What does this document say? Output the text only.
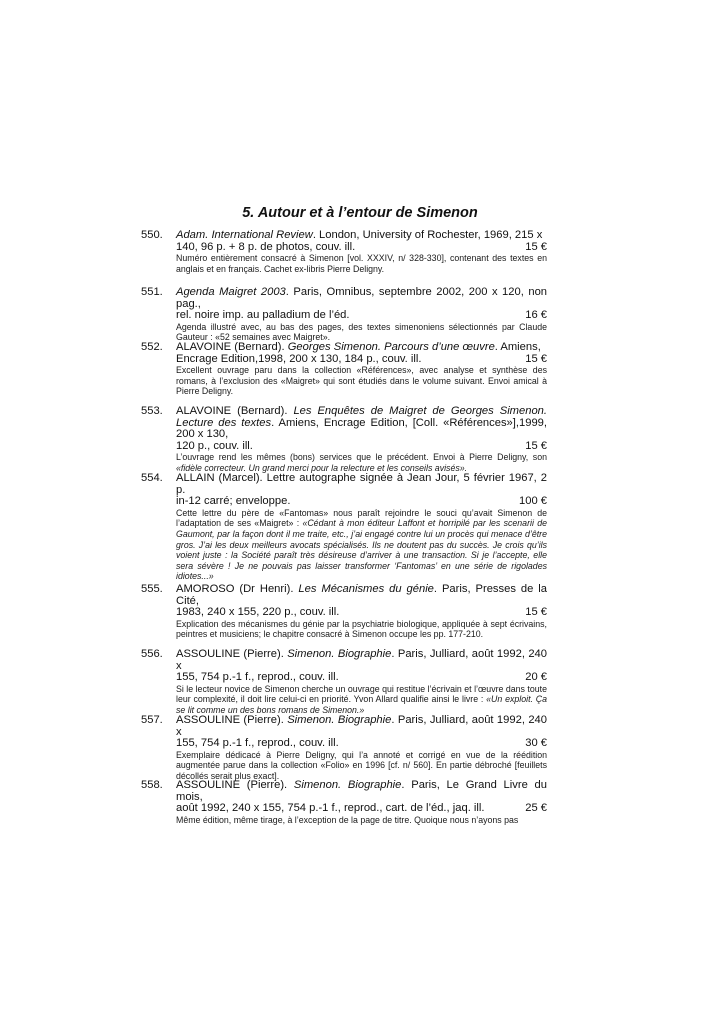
5. Autour et à l’entour de Simenon
550.	Adam. International Review. London, University of Rochester, 1969, 215 x
140, 96 p. + 8 p. de photos, couv. ill.	15 €

Numéro entièrement consacré à Simenon [vol. XXXIV, n/ 328-330], contenant des textes en anglais et en français. Cachet ex-libris Pierre Deligny.

551.	Agenda Maigret 2003. Paris, Omnibus, septembre 2002, 200 x 120, non pag.,
rel. noire imp. au palladium de l’éd.	16 €

Agenda illustré avec, au bas des pages, des textes simenoniens sélectionnés par Claude Gauteur : «52 semaines avec Maigret».

552.	ALAVOINE (Bernard). Georges Simenon. Parcours d’une œuvre. Amiens,
Encrage Edition,1998, 200 x 130, 184 p., couv. ill.	15 €

Excellent ouvrage paru dans la collection «Références», avec analyse et synthèse des romans, à l’exclusion des «Maigret» qui sont étudiés dans le volume suivant. Envoi amical à Pierre Deligny.

553.	ALAVOINE (Bernard). Les Enquêtes de Maigret de Georges Simenon. Lecture des textes. Amiens, Encrage Edition, [Coll. «Références»],1999, 200 x 130,
120 p., couv. ill.	15 €

L’ouvrage rend les mêmes (bons) services que le précédent. Envoi à Pierre Deligny, son «fidèle correcteur. Un grand merci pour la relecture et les conseils avisés».

554.	ALLAIN (Marcel). Lettre autographe signée à Jean Jour, 5 février 1967, 2 p.
in-12 carré; enveloppe.	100 €

Cette lettre du père de «Fantomas» nous paraît rejoindre le souci qu’avait Simenon de l’adaptation de ses «Maigret» : «Cédant à mon éditeur Laffont et horripilé par les scenarii de Gaumont, par la façon dont il me traite, etc., j’ai engagé contre lui un procès qui menace d’être gros. J’ai les deux meilleurs avocats spécialisés. Ils ne doutent pas du succès. Je crois qu’ils voient juste : la Société paraît très désireuse d’arriver à une transaction. Si je l’accepte, elle sera sévère ! Je ne pouvais pas laisser transformer ‘Fantomas’ en une série de rigolades idiotes...»

555.	AMOROSO (Dr Henri). Les Mécanismes du génie. Paris, Presses de la Cité,
1983, 240 x 155, 220 p., couv. ill.	15 €

Explication des mécanismes du génie par la psychiatrie biologique, appliquée à sept écrivains, peintres et musiciens; le chapitre consacré à Simenon occupe les pp. 177-210.

556.	ASSOULINE (Pierre). Simenon. Biographie. Paris, Julliard, août 1992, 240 x
155, 754 p.-1 f., reprod., couv. ill.	20 €

Si le lecteur novice de Simenon cherche un ouvrage qui restitue l’écrivain et l’œuvre dans toute leur complexité, il doit lire celui-ci en priorité. Yvon Allard qualifie ainsi le livre : «Un exploit. Ça se lit comme un des bons romans de Simenon.»

557.	ASSOULINE (Pierre). Simenon. Biographie. Paris, Julliard, août 1992, 240 x
155, 754 p.-1 f., reprod., couv. ill.	30 €

Exemplaire dédicacé à Pierre Deligny, qui l’a annoté et corrigé en vue de la réédition augmentée parue dans la collection «Folio» en 1996 [cf. n/ 560]. En partie débroché [feuillets décollés serait plus exact].

558.	ASSOULINE (Pierre). Simenon. Biographie. Paris, Le Grand Livre du mois,
août 1992, 240 x 155, 754 p.-1 f., reprod., cart. de l’éd., jaq. ill.	25 €

Même édition, même tirage, à l’exception de la page de titre. Quoique nous n’ayons pas
